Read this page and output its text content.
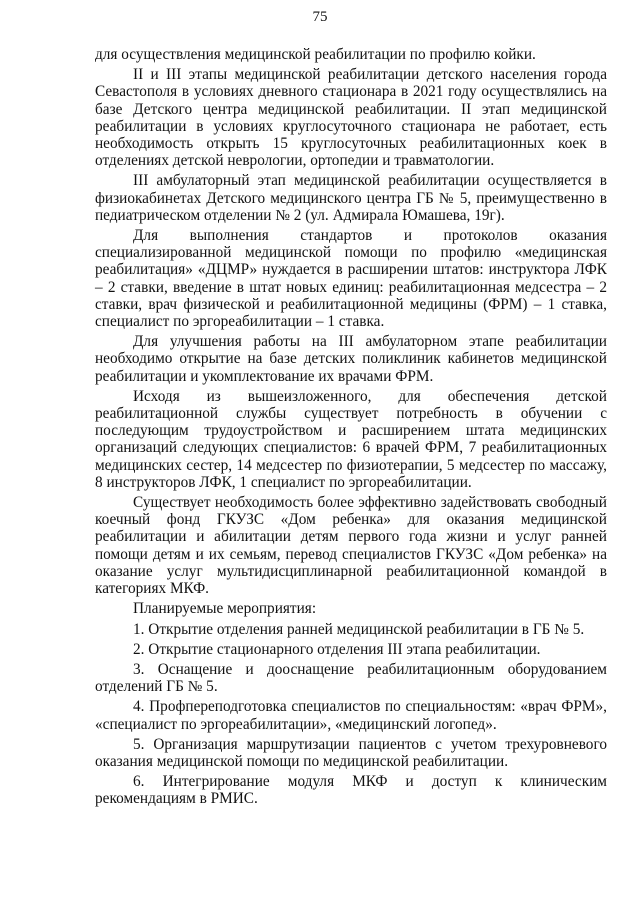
75

для осуществления медицинской реабилитации по профилю койки.

II и III этапы медицинской реабилитации детского населения города Севастополя в условиях дневного стационара в 2021 году осуществлялись на базе Детского центра медицинской реабилитации. II этап медицинской реабилитации в условиях круглосуточного стационара не работает, есть необходимость открыть 15 круглосуточных реабилитационных коек в отделениях детской неврологии, ортопедии и травматологии.

III амбулаторный этап медицинской реабилитации осуществляется в физиокабинетах Детского медицинского центра ГБ № 5, преимущественно в педиатрическом отделении № 2 (ул. Адмирала Юмашева, 19г).

Для выполнения стандартов и протоколов оказания специализированной медицинской помощи по профилю «медицинская реабилитация» «ДЦМР» нуждается в расширении штатов: инструктора ЛФК – 2 ставки, введение в штат новых единиц: реабилитационная медсестра – 2 ставки, врач физической и реабилитационной медицины (ФРМ) – 1 ставка, специалист по эргореабилитации – 1 ставка.

Для улучшения работы на III амбулаторном этапе реабилитации необходимо открытие на базе детских поликлиник кабинетов медицинской реабилитации и укомплектование их врачами ФРМ.

Исходя из вышеизложенного, для обеспечения детской реабилитационной службы существует потребность в обучении с последующим трудоустройством и расширением штата медицинских организаций следующих специалистов: 6 врачей ФРМ, 7 реабилитационных медицинских сестер, 14 медсестер по физиотерапии, 5 медсестер по массажу, 8 инструкторов ЛФК, 1 специалист по эргореабилитации.

Существует необходимость более эффективно задействовать свободный коечный фонд ГКУЗС «Дом ребенка» для оказания медицинской реабилитации и абилитации детям первого года жизни и услуг ранней помощи детям и их семьям, перевод специалистов ГКУЗС «Дом ребенка» на оказание услуг мультидисциплинарной реабилитационной командой в категориях МКФ.

Планируемые мероприятия:

1. Открытие отделения ранней медицинской реабилитации в ГБ № 5.

2. Открытие стационарного отделения III этапа реабилитации.

3. Оснащение и дооснащение реабилитационным оборудованием отделений ГБ № 5.

4. Профпереподготовка специалистов по специальностям: «врач ФРМ», «специалист по эргореабилитации», «медицинский логопед».

5. Организация маршрутизации пациентов с учетом трехуровневого оказания медицинской помощи по медицинской реабилитации.

6. Интегрирование модуля МКФ и доступ к клиническим рекомендациям в РМИС.
